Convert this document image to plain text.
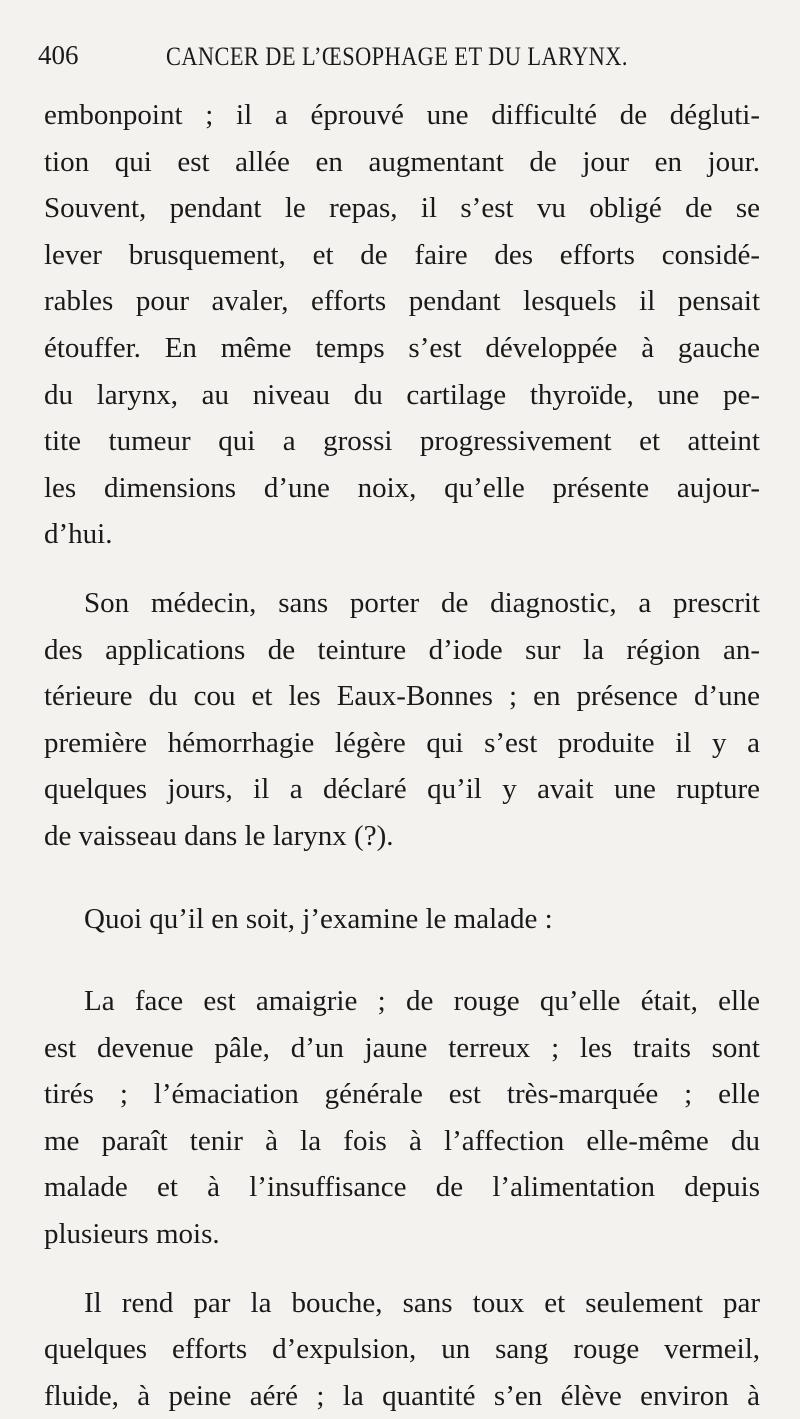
406	CANCER DE L’ŒSOPHAGE ET DU LARYNX.
embonpoint ; il a éprouvé une difficulté de dégluti-
tion qui est allée en augmentant de jour en jour.
Souvent, pendant le repas, il s’est vu obligé de se
lever brusquement, et de faire des efforts considé-
rables pour avaler, efforts pendant lesquels il pensait
étouffer. En même temps s’est développée à gauche
du larynx, au niveau du cartilage thyroïde, une pe-
tite tumeur qui a grossi progressivement et atteint
les dimensions d’une noix, qu’elle présente aujour-
d’hui.
Son médecin, sans porter de diagnostic, a prescrit
des applications de teinture d’iode sur la région an-
térieure du cou et les Eaux-Bonnes ; en présence d’une
première hémorrhagie légère qui s’est produite il y a
quelques jours, il a déclaré qu’il y avait une rupture
de vaisseau dans le larynx (?).
Quoi qu’il en soit, j’examine le malade :
La face est amaigrie ; de rouge qu’elle était, elle
est devenue pâle, d’un jaune terreux ; les traits sont
tirés ; l’émaciation générale est très-marquée ; elle
me paraît tenir à la fois à l’affection elle-même du
malade et à l’insuffisance de l’alimentation depuis
plusieurs mois.
Il rend par la bouche, sans toux et seulement par
quelques efforts d’expulsion, un sang rouge vermeil,
fluide, à peine aéré ; la quantité s’en élève environ à
